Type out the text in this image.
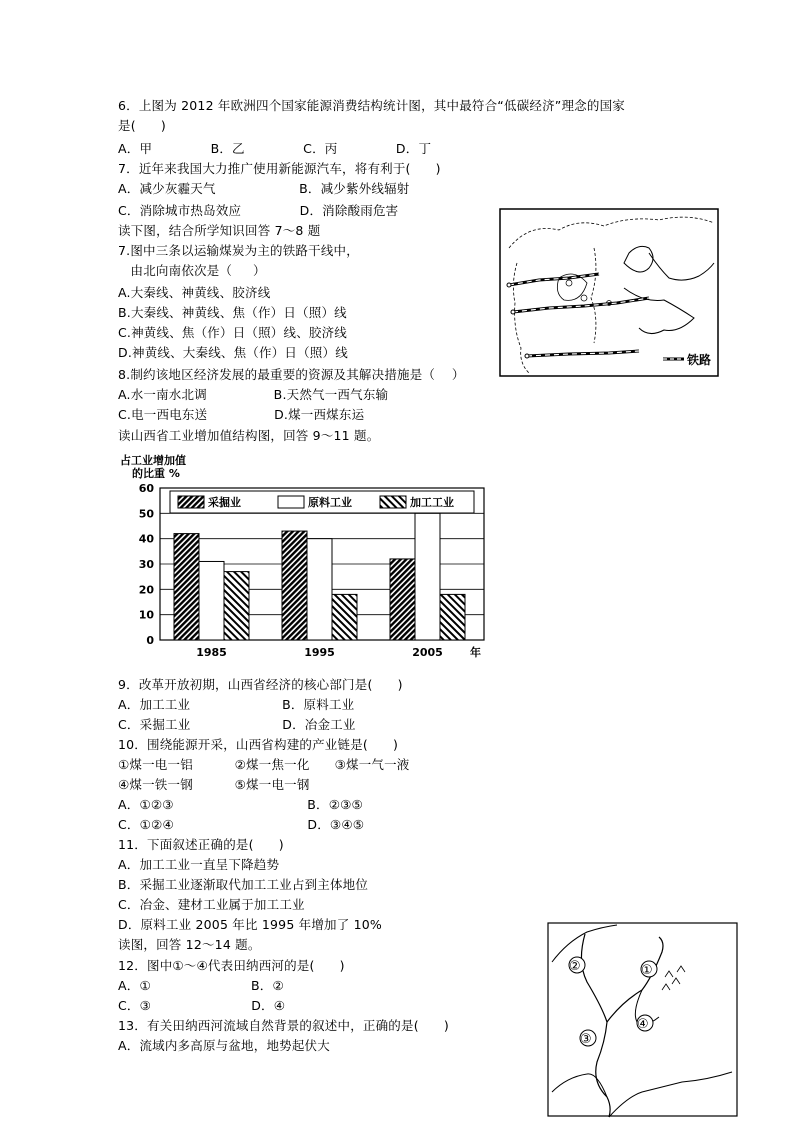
6．上图为 2012 年欧洲四个国家能源消费结构统计图，其中最符合“低碳经济”理念的国家
是(      )
A．甲              B．乙              C．丙              D．丁
7．近年来我国大力推广使用新能源汽车，将有利于(      )
A．减少灰霾天气                    B．减少紫外线辐射
C．消除城市热岛效应              D．消除酸雨危害
读下图，结合所学知识回答 7～8 题
7.图中三条以运输煤炭为主的铁路干线中，
由北向南依次是（     ）
A.大秦线、神黄线、胶济线
B.大秦线、神黄线、焦（作）日（照）线
C.神黄线、焦（作）日（照）线、胶济线
D.神黄线、大秦线、焦（作）日（照）线
8.制约该地区经济发展的最重要的资源及其解决措施是（    ）
A.水一南水北调                B.天然气一西气东输
C.电一西电东送                D.煤一西煤东运
读山西省工业增加值结构图，回答 9～11 题。
9．改革开放初期，山西省经济的核心部门是(      )
A．加工工业                      B．原料工业
C．采掘工业                      D．冶金工业
10．围绕能源开采，山西省构建的产业链是(      )
①煤一电一铝          ②煤一焦一化      ③煤一气一液
④煤一铁一钢          ⑤煤一电一钢
A．①②③                                B．②③⑤
C．①②④                                D．③④⑤
11．下面叙述正确的是(      )
A．加工工业一直呈下降趋势
B．采掘工业逐渐取代加工工业占到主体地位
C．冶金、建材工业属于加工工业
D．原料工业 2005 年比 1995 年增加了 10%
读图，回答 12～14 题。
12．图中①～④代表田纳西河的是(      )
A．①                        B．②
C．③                        D．④
13．有关田纳西河流域自然背景的叙述中，正确的是(      )
A．流域内多高原与盆地，地势起伏大
铁路
占工业增加值
的比重 %
0
10
20
30
40
50
60
1985	1995	2005 年
采掘业	原料工业	加工工业
②	①
④
③
